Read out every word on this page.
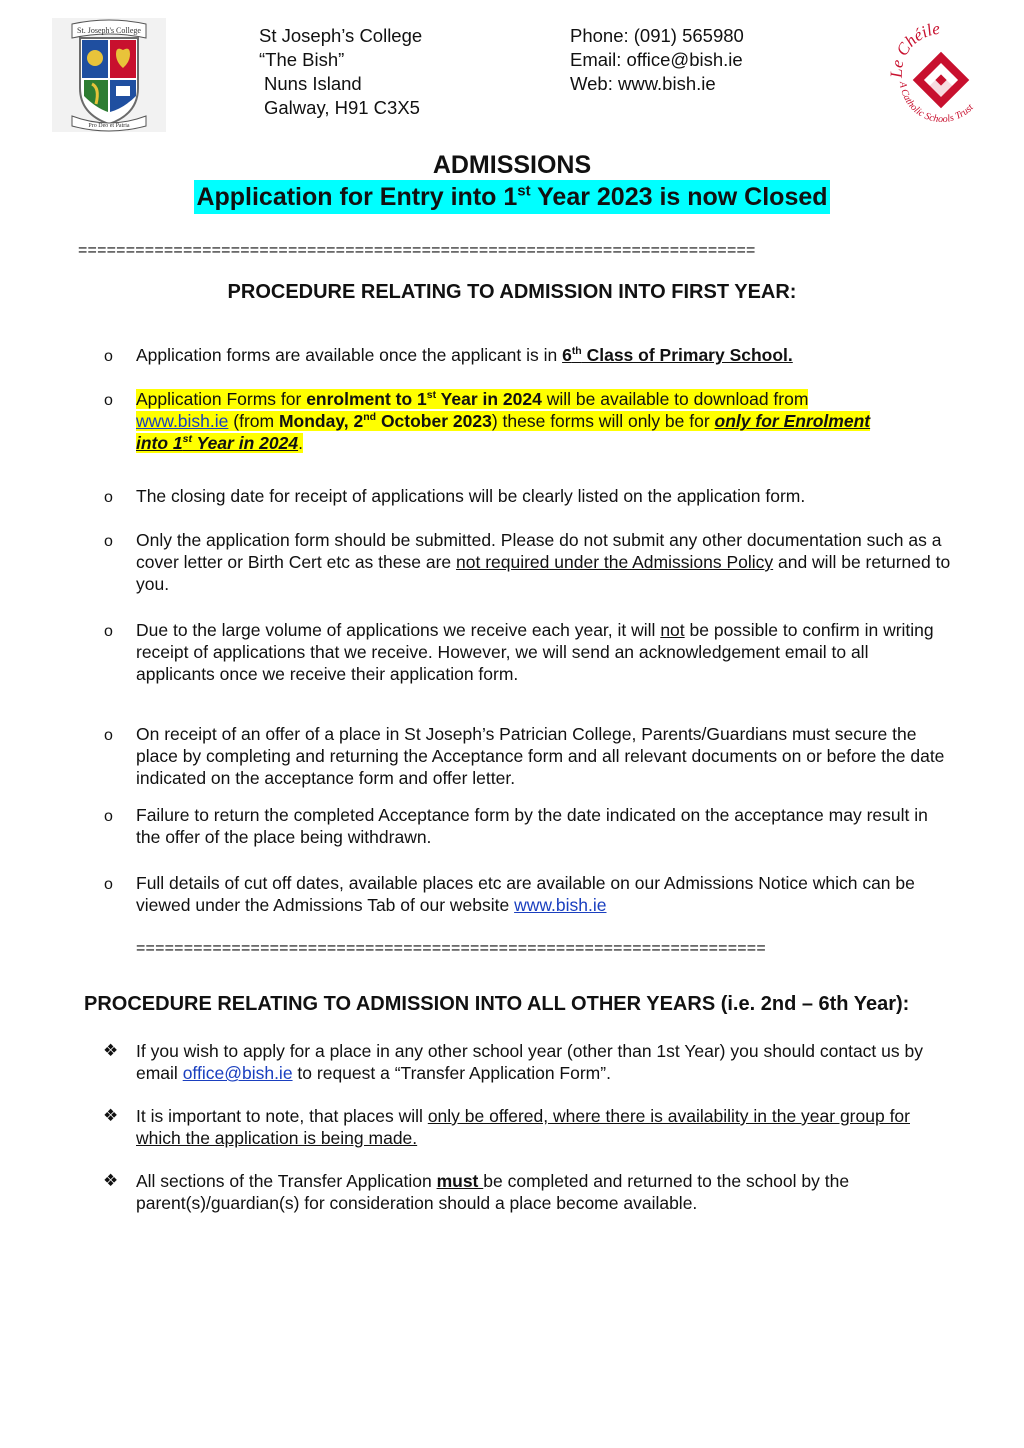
St. Joseph's College
Pro Deo et Patria
St Joseph’s College
“The Bish”
Nuns Island
Galway, H91 C3X5
Phone: (091) 565980
Email: office@bish.ie
Web: www.bish.ie	Le Chéile
A Catholic Schools Trust
ADMISSIONS
Application for Entry into 1st Year 2023 is now Closed
=======================================================================
PROCEDURE RELATING TO ADMISSION INTO FIRST YEAR:
o	Application forms are available once the applicant is in 6th Class of Primary School.
o	Application Forms for enrolment to 1st Year in 2024 will be available to download from
www.bish.ie (from Monday, 2nd October 2023) these forms will only be for only for Enrolment
into 1st Year in 2024.
o	The closing date for receipt of applications will be clearly listed on the application form.
o	Only the application form should be submitted. Please do not submit any other documentation such as a cover letter or Birth Cert etc as these are not required under the Admissions Policy and will be returned to you.
o	Due to the large volume of applications we receive each year, it will not be possible to confirm in writing receipt of applications that we receive. However, we will send an acknowledgement email to all applicants once we receive their application form.
o	On receipt of an offer of a place in St Joseph’s Patrician College, Parents/Guardians must secure the place by completing and returning the Acceptance form and all relevant documents on or before the date indicated on the acceptance form and offer letter.
o	Failure to return the completed Acceptance form by the date indicated on the acceptance may result in the offer of the place being withdrawn.
o	Full details of cut off dates, available places etc are available on our Admissions Notice which can be viewed under the Admissions Tab of our website www.bish.ie
==================================================================
PROCEDURE RELATING TO ADMISSION INTO ALL OTHER YEARS (i.e. 2nd – 6th Year):
❖ If you wish to apply for a place in any other school year (other than 1st Year) you should contact us by email office@bish.ie to request a “Transfer Application Form”.
❖ It is important to note, that places will only be offered, where there is availability in the year group for which the application is being made.
❖ All sections of the Transfer Application must be completed and returned to the school by the parent(s)/guardian(s) for consideration should a place become available.
